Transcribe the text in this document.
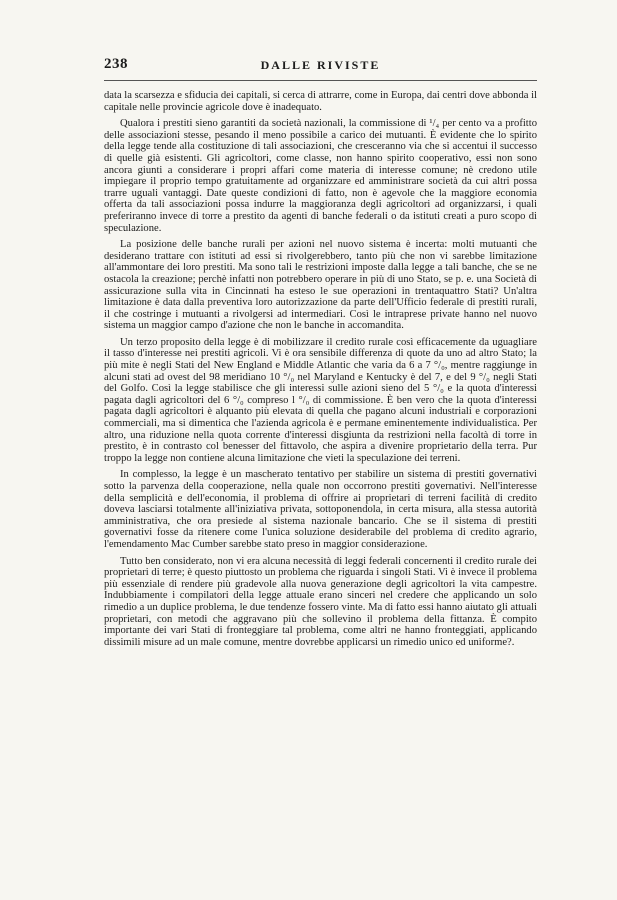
238	DALLE RIVISTE

data la scarsezza e sfiducia dei capitali, si cerca di attrarre, come in Europa, dai centri dove abbonda il capitale nelle provincie agricole dove è inadequato.

Qualora i prestiti sieno garantiti da società nazionali, la commissione di ¹/₄ per cento va a profitto delle associazioni stesse, pesando il meno possibile a carico dei mutuanti. È evidente che lo spirito della legge tende alla costituzione di tali associazioni, che cresceranno via che si accentui il successo di quelle già esistenti. Gli agricoltori, come classe, non hanno spirito cooperativo, essi non sono ancora giunti a considerare i propri affari come materia di interesse comune; nè credono utile impiegare il proprio tempo gratuitamente ad organizzare ed amministrare società da cui altri possa trarre uguali vantaggi. Date queste condizioni di fatto, non è agevole che la maggiore economia offerta da tali associazioni possa indurre la maggioranza degli agricoltori ad organizzarsi, i quali preferiranno invece di torre a prestito da agenti di banche federali o da istituti creati a puro scopo di speculazione.

La posizione delle banche rurali per azioni nel nuovo sistema è incerta: molti mutuanti che desiderano trattare con istituti ad essi si rivolgerebbero, tanto più che non vi sarebbe limitazione all'ammontare dei loro prestiti. Ma sono tali le restrizioni imposte dalla legge a tali banche, che se ne ostacola la creazione; perchè infatti non potrebbero operare in più di uno Stato, se p. e. una Società di assicurazione sulla vita in Cincinnati ha esteso le sue operazioni in trentaquattro Stati? Un'altra limitazione è data dalla preventiva loro autorizzazione da parte dell'Ufficio federale di prestiti rurali, il che costringe i mutuanti a rivolgersi ad intermediari. Così le intraprese private hanno nel nuovo sistema un maggior campo d'azione che non le banche in accomandita.

Un terzo proposito della legge è di mobilizzare il credito rurale così efficacemente da uguagliare il tasso d'interesse nei prestiti agricoli. Vi è ora sensibile differenza di quote da uno ad altro Stato; la più mite è negli Stati del New England e Middle Atlantic che varia da 6 a 7 °/₀, mentre raggiunge in alcuni stati ad ovest del 98 meridiano 10 °/₀ nel Maryland e Kentucky è del 7, e del 9 °/₀ negli Stati del Golfo. Così la legge stabilisce che gli interessi sulle azioni sieno del 5 °/₀ e la quota d'interessi pagata dagli agricoltori del 6 °/₀ compreso l °/₀ di commissione. È ben vero che la quota d'interessi pagata dagli agricoltori è alquanto più elevata di quella che pagano alcuni industriali e corporazioni commerciali, ma si dimentica che l'azienda agricola è e permane eminentemente individualistica. Per altro, una riduzione nella quota corrente d'interessi disgiunta da restrizioni nella facoltà di torre in prestito, è in contrasto col benesser del fittavolo, che aspira a divenire proprietario della terra. Pur troppo la legge non contiene alcuna limitazione che vieti la speculazione dei terreni.

In complesso, la legge è un mascherato tentativo per stabilire un sistema di prestiti governativi sotto la parvenza della cooperazione, nella quale non occorrono prestiti governativi. Nell'interesse della semplicità e dell'economia, il problema di offrire ai proprietari di terreni facilità di credito doveva lasciarsi totalmente all'iniziativa privata, sottoponendola, in certa misura, alla stessa autorità amministrativa, che ora presiede al sistema nazionale bancario. Che se il sistema di prestiti governativi fosse da ritenere come l'unica soluzione desiderabile del problema di credito agrario, l'emendamento Mac Cumber sarebbe stato preso in maggior considerazione.

Tutto ben considerato, non vi era alcuna necessità di leggi federali concernenti il credito rurale dei proprietari di terre; è questo piuttosto un problema che riguarda i singoli Stati. Vi è invece il problema più essenziale di rendere più gradevole alla nuova generazione degli agricoltori la vita campestre. Indubbiamente i compilatori della legge attuale erano sinceri nel credere che applicando un solo rimedio a un duplice problema, le due tendenze fossero vinte. Ma di fatto essi hanno aiutato gli attuali proprietari, con metodi che aggravano più che sollevino il problema della fittanza. È compito importante dei vari Stati di fronteggiare tal problema, come altri ne hanno fronteggiati, applicando dissimili misure ad un male comune, mentre dovrebbe applicarsi un rimedio unico ed uniforme?.
